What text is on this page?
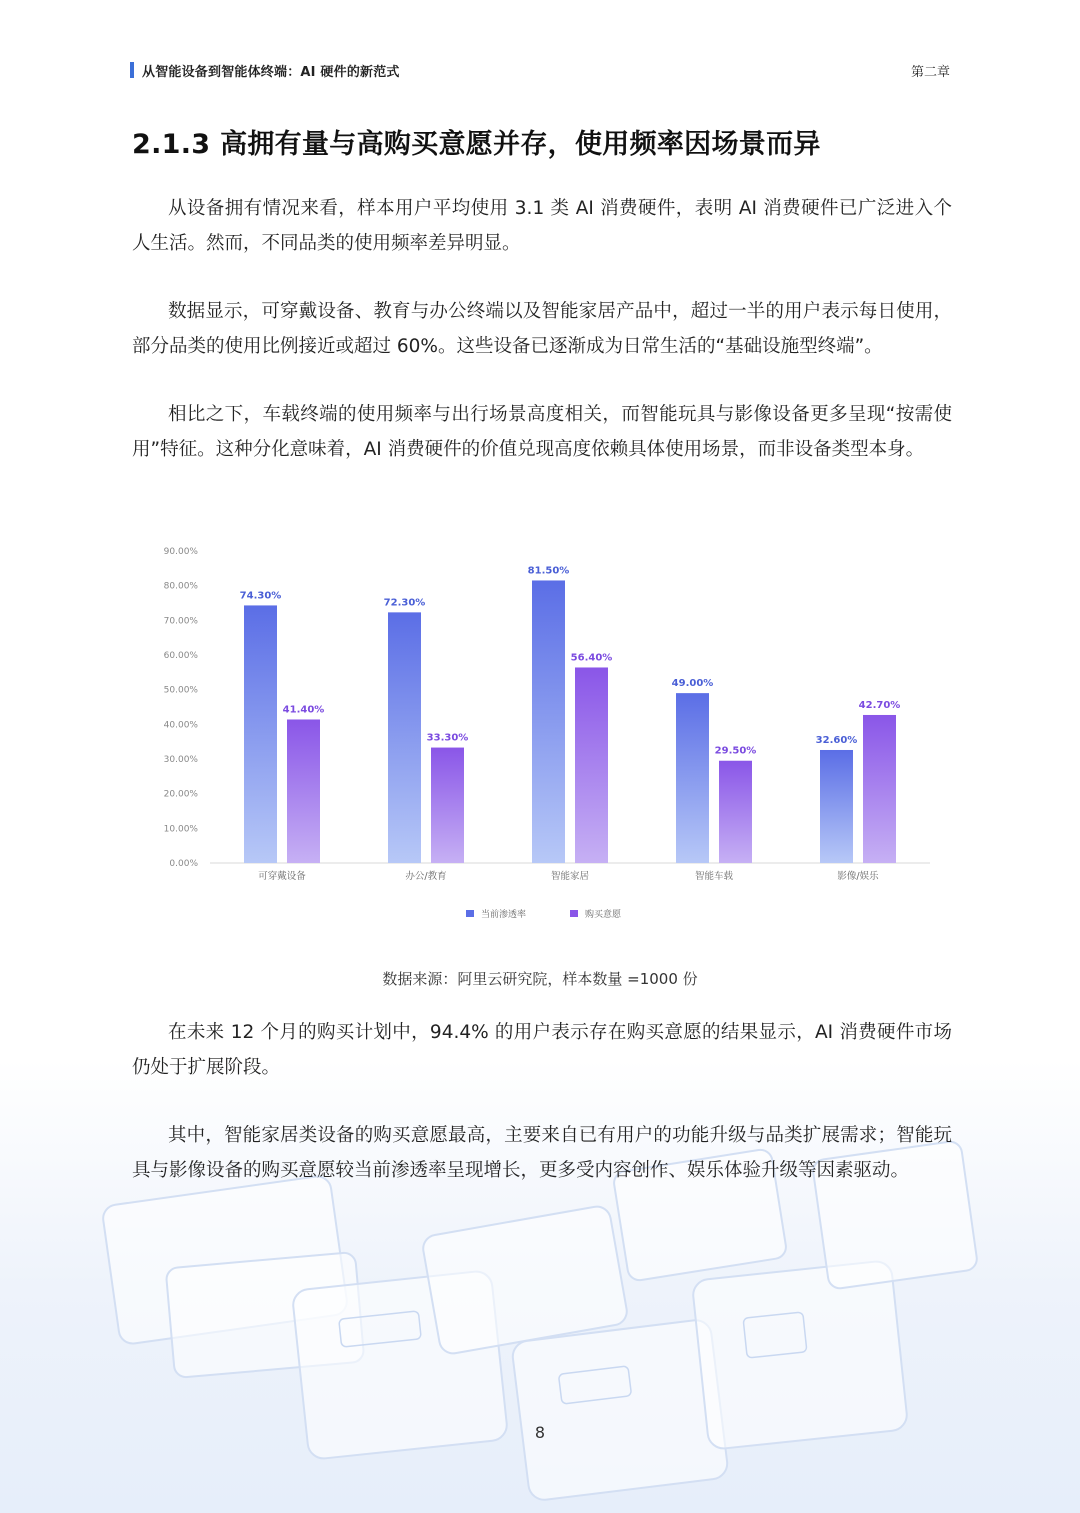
从智能设备到智能体终端：AI 硬件的新范式	第二章
2.1.3 高拥有量与高购买意愿并存，使用频率因场景而异
从设备拥有情况来看，样本用户平均使用 3.1 类 AI 消费硬件，表明 AI 消费硬件已广泛进入个人生活。然而，不同品类的使用频率差异明显。
数据显示，可穿戴设备、教育与办公终端以及智能家居产品中，超过一半的用户表示每日使用，部分品类的使用比例接近或超过 60%。这些设备已逐渐成为日常生活的“基础设施型终端”。
相比之下，车载终端的使用频率与出行场景高度相关，而智能玩具与影像设备更多呈现“按需使用”特征。这种分化意味着，AI 消费硬件的价值兑现高度依赖具体使用场景，而非设备类型本身。
0.00%
10.00%
20.00%
30.00%
40.00%
50.00%
60.00%
70.00%
80.00%
90.00%
74.30%
41.40%
可穿戴设备
72.30%
33.30%
办公/教育
81.50%
56.40%
智能家居
49.00%
29.50%
智能车载
32.60%
42.70%
影像/娱乐
当前渗透率	购买意愿
数据来源：阿里云研究院，样本数量 =1000 份
在未来 12 个月的购买计划中，94.4% 的用户表示存在购买意愿的结果显示，AI 消费硬件市场仍处于扩展阶段。
其中，智能家居类设备的购买意愿最高，主要来自已有用户的功能升级与品类扩展需求；智能玩具与影像设备的购买意愿较当前渗透率呈现增长，更多受内容创作、娱乐体验升级等因素驱动。
8
